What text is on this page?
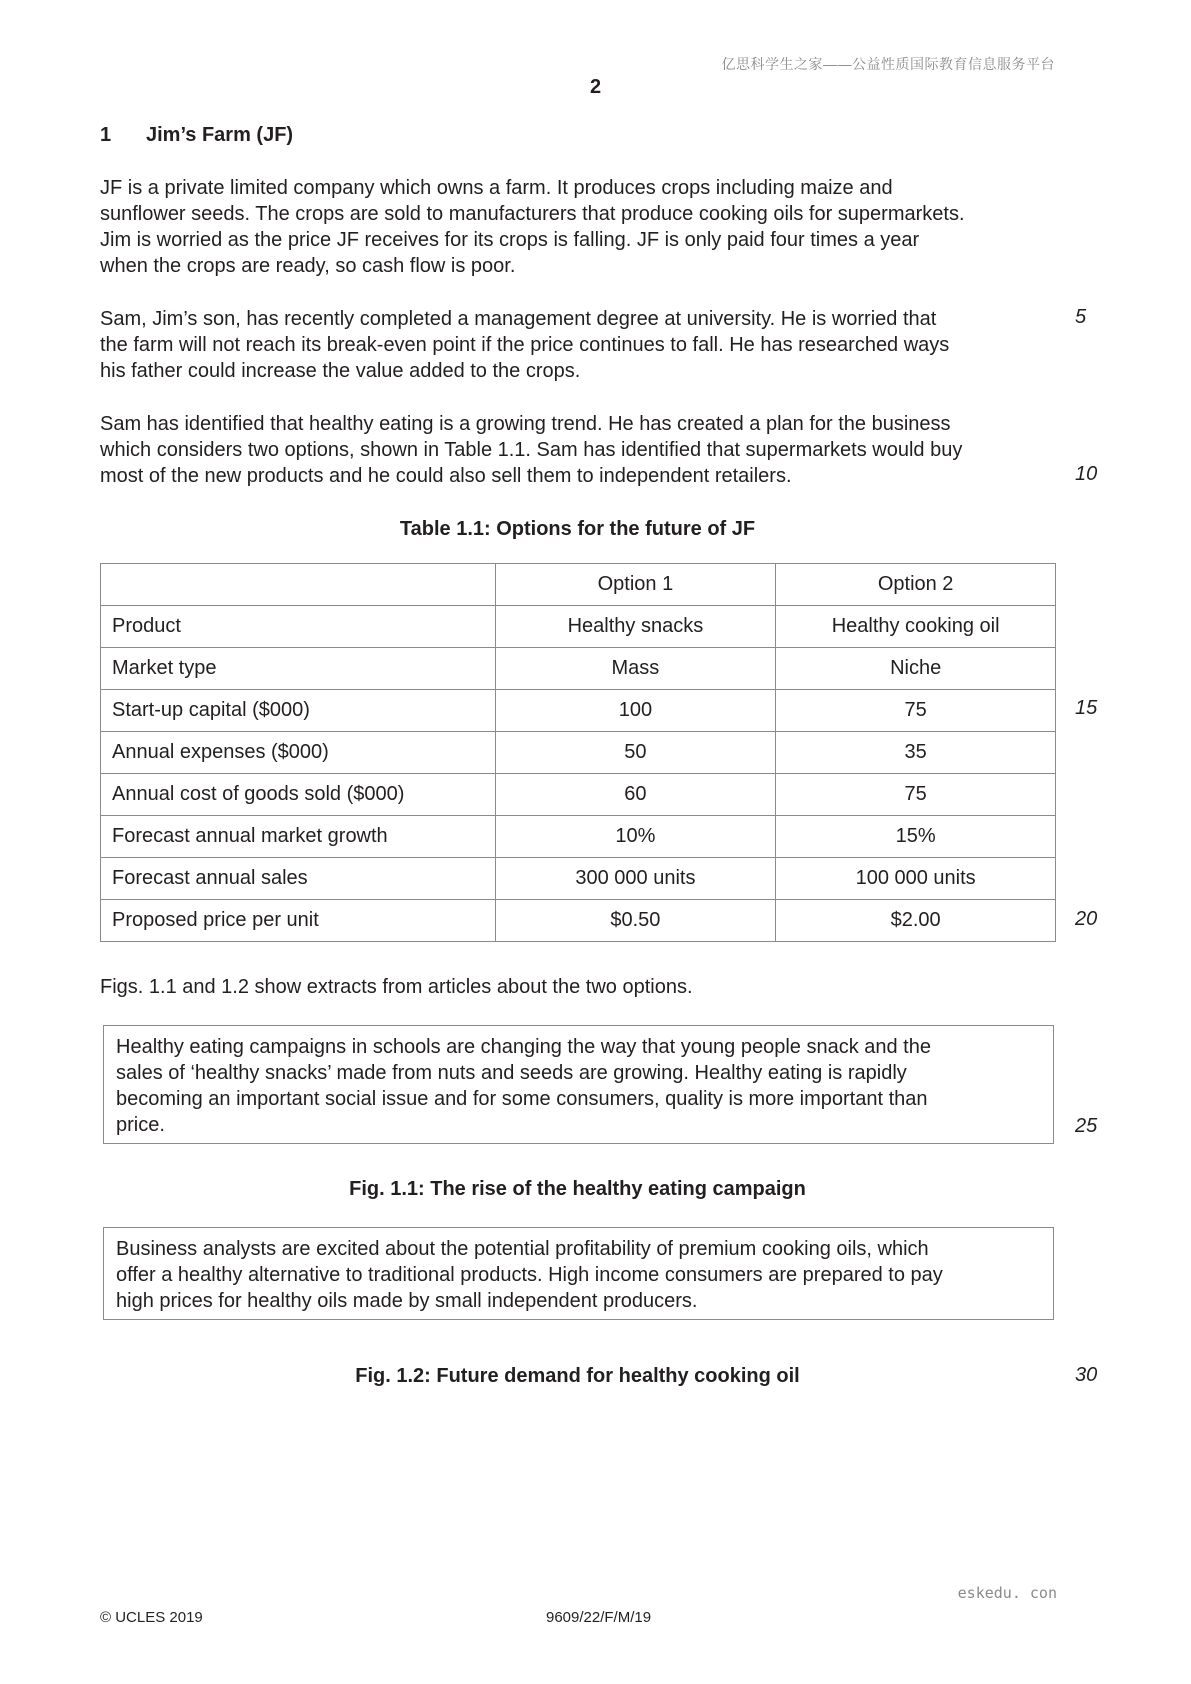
亿思科学生之家——公益性质国际教育信息服务平台
2
1 Jim’s Farm (JF)
JF is a private limited company which owns a farm. It produces crops including maize and
sunflower seeds. The crops are sold to manufacturers that produce cooking oils for supermarkets.
Jim is worried as the price JF receives for its crops is falling. JF is only paid four times a year
when the crops are ready, so cash flow is poor.
Sam, Jim’s son, has recently completed a management degree at university. He is worried that
the farm will not reach its break-even point if the price continues to fall. He has researched ways
his father could increase the value added to the crops.
Sam has identified that healthy eating is a growing trend. He has created a plan for the business
which considers two options, shown in Table 1.1. Sam has identified that supermarkets would buy
most of the new products and he could also sell them to independent retailers.
Table 1.1: Options for the future of JF
	Option 1	Option 2
Product	Healthy snacks	Healthy cooking oil
Market type	Mass	Niche
Start-up capital ($000)	100	75
Annual expenses ($000)	50	35
Annual cost of goods sold ($000)	60	75
Forecast annual market growth	10%	15%
Forecast annual sales	300 000 units	100 000 units
Proposed price per unit	$0.50	$2.00
Figs. 1.1 and 1.2 show extracts from articles about the two options.
Healthy eating campaigns in schools are changing the way that young people snack and the
sales of ‘healthy snacks’ made from nuts and seeds are growing. Healthy eating is rapidly
becoming an important social issue and for some consumers, quality is more important than
price.
Fig. 1.1: The rise of the healthy eating campaign
Business analysts are excited about the potential profitability of premium cooking oils, which
offer a healthy alternative to traditional products. High income consumers are prepared to pay
high prices for healthy oils made by small independent producers.
Fig. 1.2: Future demand for healthy cooking oil
5
10
15
20
25
30
eskedu. con
© UCLES 2019	9609/22/F/M/19
